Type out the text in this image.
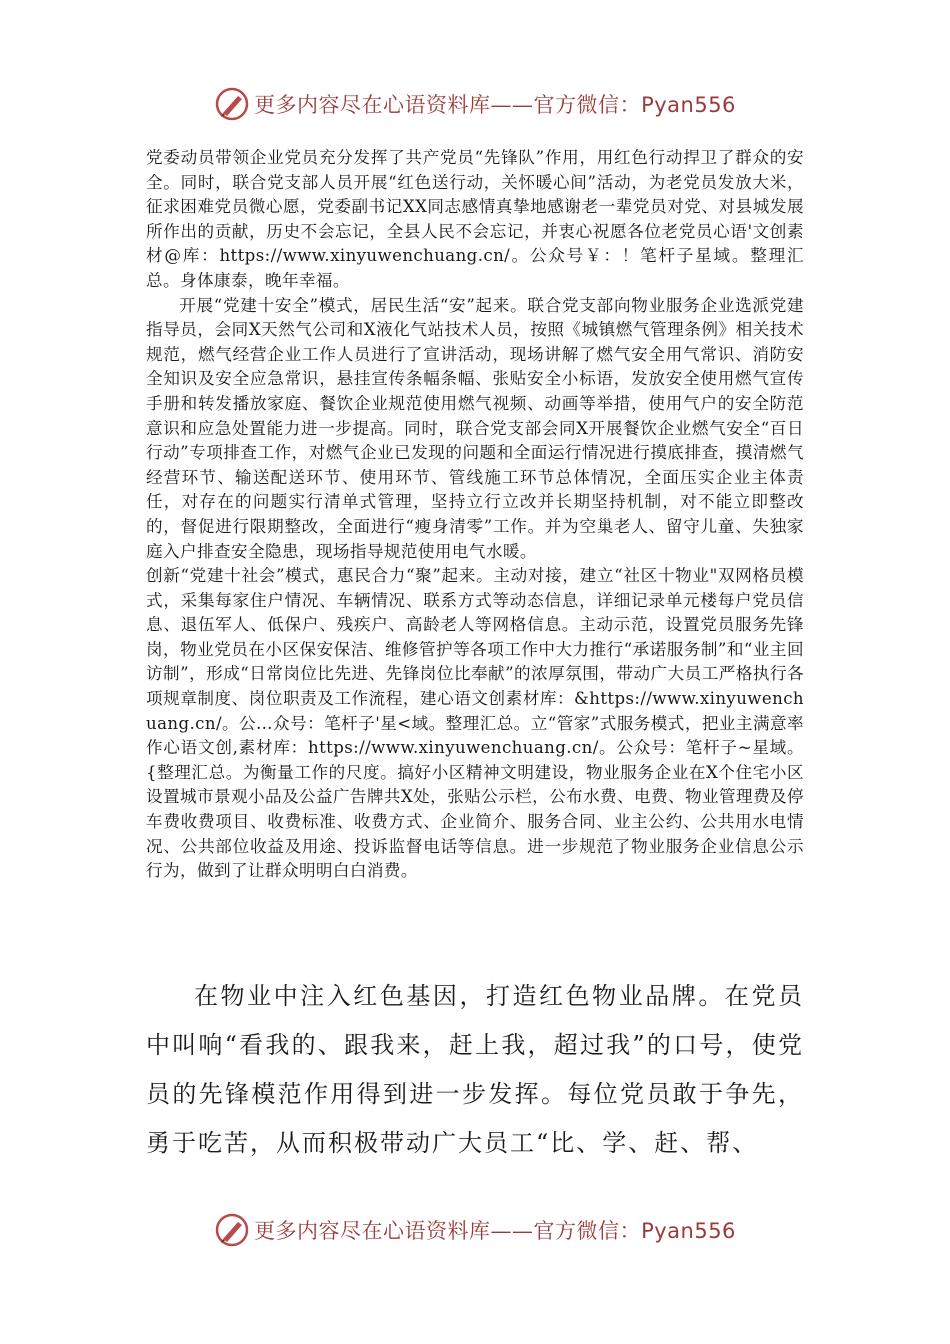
更多内容尽在心语资料库——官方微信：Pyan556

党委动员带领企业党员充分发挥了共产党员“先锋队”作用，用红色行动捍卫了群众的安全。同时，联合党支部人员开展“红色送行动，关怀暖心间”活动，为老党员发放大米，征求困难党员微心愿，党委副书记XX同志感情真挚地感谢老一辈党员对党、对县城发展所作出的贡献，历史不会忘记，全县人民不会忘记，并衷心祝愿各位老党员心语'文创素材@库：https://www.xinyuwenchuang.cn/。公众号￥：！笔杆子星域。整理汇总。身体康泰，晚年幸福。

开展“党建十安全”模式，居民生活“安”起来。联合党支部向物业服务企业选派党建指导员，会同X天然气公司和X液化气站技术人员，按照《城镇燃气管理条例》相关技术规范，燃气经营企业工作人员进行了宣讲活动，现场讲解了燃气安全用气常识、消防安全知识及安全应急常识，悬挂宣传条幅条幅、张贴安全小标语，发放安全使用燃气宣传手册和转发播放家庭、餐饮企业规范使用燃气视频、动画等举措，使用气户的安全防范意识和应急处置能力进一步提高。同时，联合党支部会同X开展餐饮企业燃气安全“百日行动”专项排查工作，对燃气企业已发现的问题和全面运行情况进行摸底排查，摸清燃气经营环节、输送配送环节、使用环节、管线施工环节总体情况，全面压实企业主体责任，对存在的问题实行清单式管理，坚持立行立改并长期坚持机制，对不能立即整改的，督促进行限期整改，全面进行“瘦身清零”工作。并为空巢老人、留守儿童、失独家庭入户排查安全隐患，现场指导规范使用电气水暖。

创新“党建十社会”模式，惠民合力“聚”起来。主动对接，建立“社区十物业"双网格员模式，采集每家住户情况、车辆情况、联系方式等动态信息，详细记录单元楼每户党员信息、退伍军人、低保户、残疾户、高龄老人等网格信息。主动示范，设置党员服务先锋岗，物业党员在小区保安保洁、维修管护等各项工作中大力推行“承诺服务制”和“业主回访制”，形成“日常岗位比先进、先锋岗位比奉献”的浓厚氛围，带动广大员工严格执行各项规章制度、岗位职责及工作流程，建心语文创素材库：&https://www.xinyuwenchuang.cn/。公…众号：笔杆子'星<域。整理汇总。立“管家”式服务模式，把业主满意率作心语文创,素材库：https://www.xinyuwenchuang.cn/。公众号：笔杆子~星域。{整理汇总。为衡量工作的尺度。搞好小区精神文明建设，物业服务企业在X个住宅小区设置城市景观小品及公益广告牌共X处，张贴公示栏，公布水费、电费、物业管理费及停车费收费项目、收费标准、收费方式、企业简介、服务合同、业主公约、公共用水电情况、公共部位收益及用途、投诉监督电话等信息。进一步规范了物业服务企业信息公示行为，做到了让群众明明白白消费。

在物业中注入红色基因，打造红色物业品牌。在党员中叫响“看我的、跟我来，赶上我，超过我”的口号，使党员的先锋模范作用得到进一步发挥。每位党员敢于争先，勇于吃苦，从而积极带动广大员工“比、学、赶、帮、

更多内容尽在心语资料库——官方微信：Pyan556
